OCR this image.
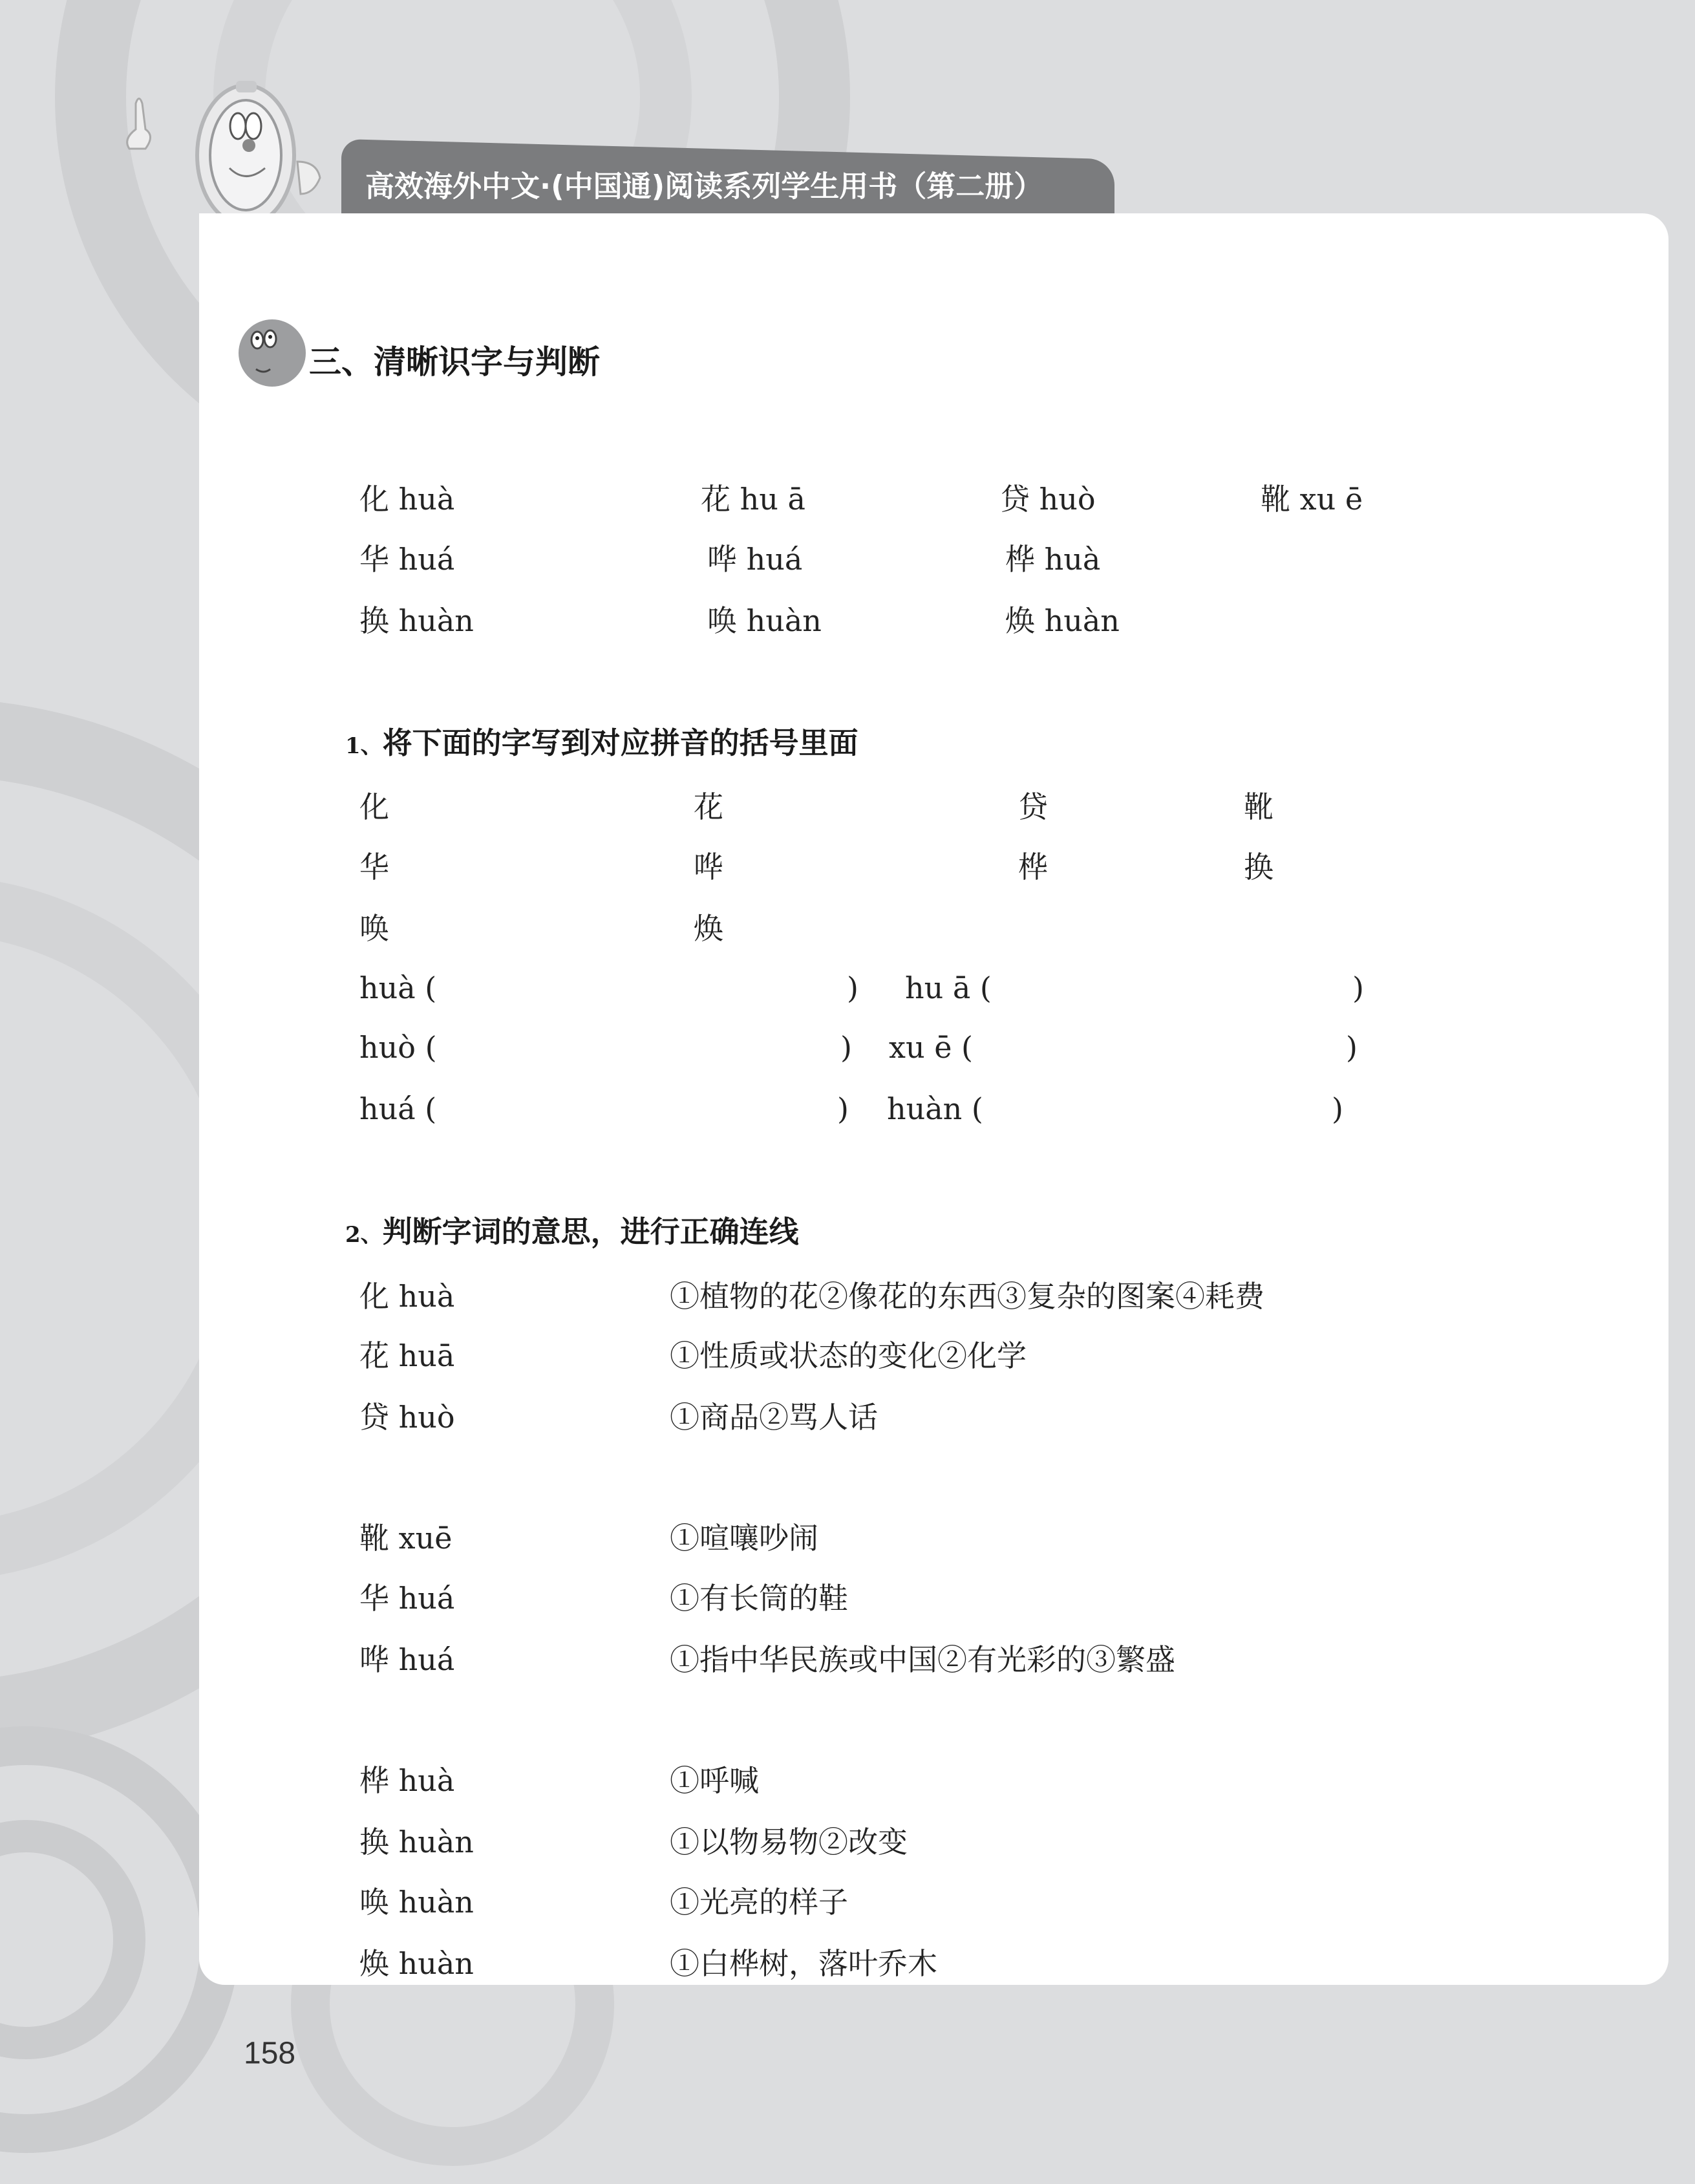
高效海外中文·(中国通)阅读系列学生用书（第二册）
三、清晰识字与判断
化 huà	花 hu ā	贷 huò	靴 xu ē
华 huá	哗 huá	桦 huà
换 huàn	唤 huàn	焕 huàn
1、将下面的字写到对应拼音的括号里面
化	花	贷	靴
华	哗	桦	换
唤	焕
huà (	) hu ā (	)
huò (	) xu ē (	)
huá (	) huàn (	)
2、判断字词的意思，进行正确连线
化 huà	①植物的花②像花的东西③复杂的图案④耗费
花 huā	①性质或状态的变化②化学
贷 huò	①商品②骂人话
靴 xuē	①喧嚷吵闹
华 huá	①有长筒的鞋
哗 huá	①指中华民族或中国②有光彩的③繁盛
桦 huà	①呼喊
换 huàn	①以物易物②改变
唤 huàn	①光亮的样子
焕 huàn	①白桦树，落叶乔木
158
